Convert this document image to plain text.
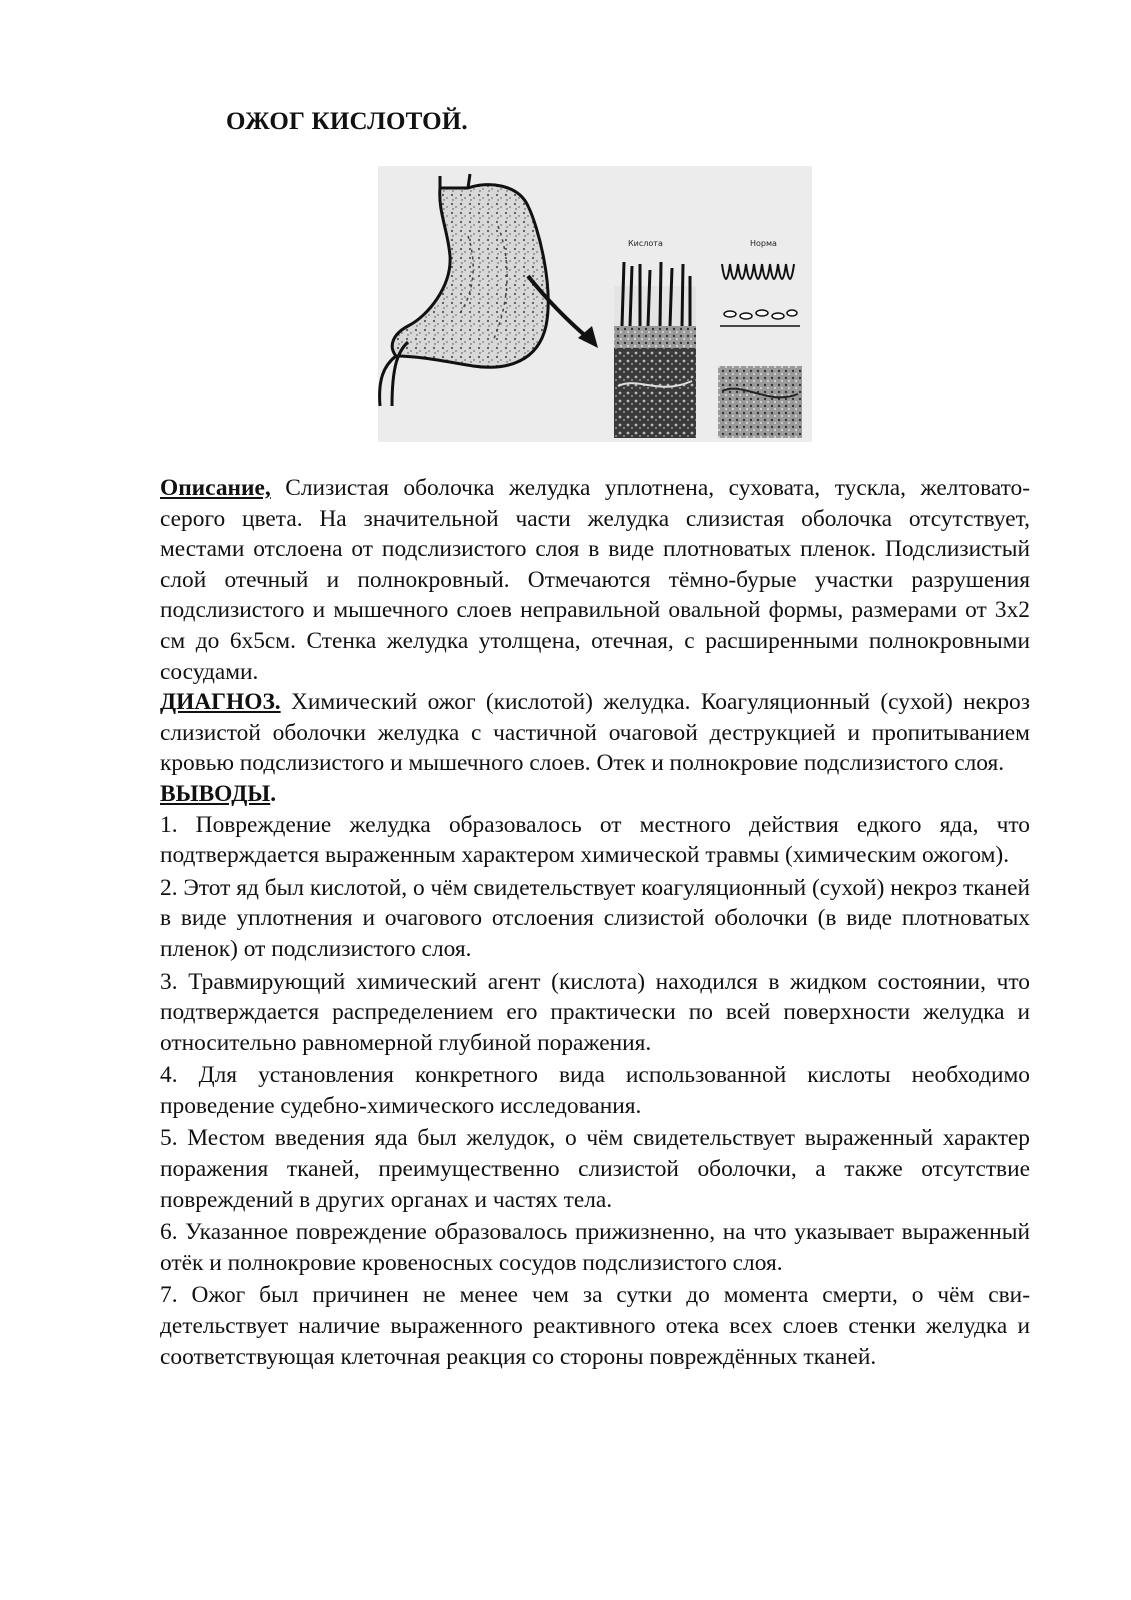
ОЖОГ КИСЛОТОЙ.
Кислота	Норма

Описание, Слизистая оболочка желудка уплотнена, суховата, тускла, желтовато-серого цвета. На значительной части желудка слизистая оболочка отсутствует, местами отслоена от подслизистого слоя в виде плотноватых пленок. Подслизистый слой отечный и полнокровный. Отмечаются тёмно-бурые участки разрушения подслизистого и мышечного слоев неправильной овальной формы, размерами от 3х2 см до 6х5см. Стенка желудка утолщена, отечная, с расширенными полнокровными сосудами.

ДИАГНОЗ. Химический ожог (кислотой) желудка. Коагуляционный (сухой) некроз слизистой оболочки желудка с частичной очаговой деструкцией и пропитыванием кровью подслизистого и мышечного слоев. Отек и полнокровие подслизистого слоя.

ВЫВОДЫ.

1. Повреждение желудка образовалось от местного действия едкого яда, что подтверждается выраженным характером химической травмы (химическим ожогом).

2. Этот яд был кислотой, о чём свидетельствует коагуляционный (сухой) некроз тканей в виде уплотнения и очагового отслоения слизистой оболочки (в виде плотноватых пленок) от подслизистого слоя.

3. Травмирующий химический агент (кислота) находился в жидком состоянии, что подтверждается распределением его практически по всей поверхности желудка и относительно равномерной глубиной поражения.

4. Для установления конкретного вида использованной кислоты необходимо проведение судебно-химического исследования.

5. Местом введения яда был желудок, о чём свидетельствует выраженный характер поражения тканей, преимущественно слизистой оболочки, а также отсутствие повреждений в других органах и частях тела.

6. Указанное повреждение образовалось прижизненно, на что указывает выраженный отёк и полнокровие кровеносных сосудов подслизистого слоя.

7. Ожог был причинен не менее чем за сутки до момента смерти, о чём свидетельствует наличие выраженного реактивного отека всех слоев стенки желудка и соответствующая клеточная реакция со стороны повреждённых тканей.
